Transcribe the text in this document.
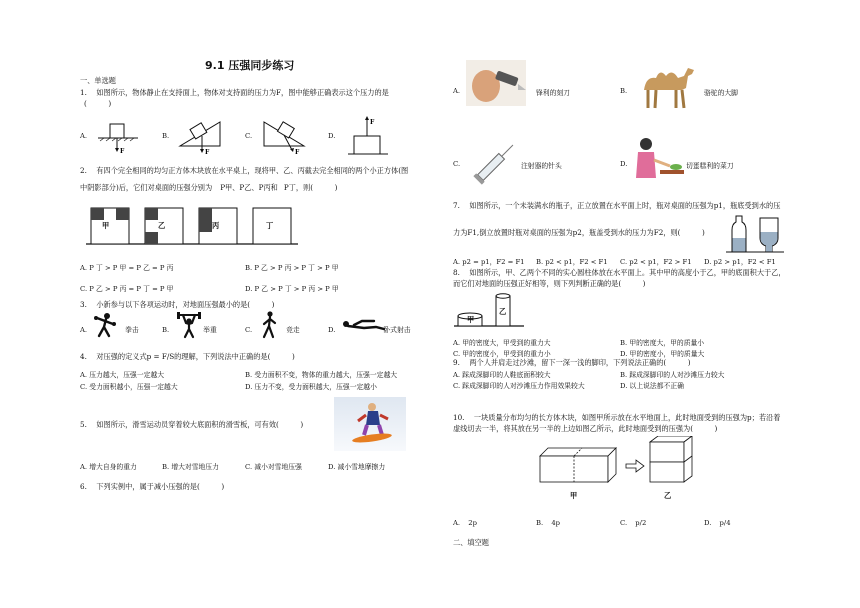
9.1 压强同步练习
一、单选题
1.　 如图所示，物体静止在支持面上，物体对支持面的压力为F，图中能够正确表示这个压力的是
(　　　)
A.
F
B.
F
C.
F
D.
F
2.　 有四个完全相同的均匀正方体木块放在水平桌上，现将甲、乙、丙截去完全相同的两个小正方体(图
中阴影部分)后，它们对桌面的压强分别为 P甲、P乙、P丙和 P丁，则(　　　)
甲	乙	丙	丁
A. P 丁 > P 甲 = P 乙 = P 丙	B. P 乙 > P 丙 > P 丁 > P 甲
C. P 乙 > P 丙 = P 丁 = P 甲	D. P 乙 > P 丁 > P 丙 > P 甲
3.　 小新参与以下各项运动时，对地面压强最小的是(　　　)
A.	拳击	B.	举重	C.	竞走	D.	卧式射击
4.　 对压强的定义式p = F/S的理解，下列说法中正确的是(　　　)
A. 压力越大，压强一定越大	B. 受力面积不变，物体的重力越大，压强一定越大
C. 受力面积越小，压强一定越大	D. 压力不变，受力面积越大，压强一定越小
5.　 如图所示，滑雪运动员穿着较大底面积的滑雪板，可有效(　　　)
A. 增大自身的重力	B. 增大对雪地压力	C. 减小对雪地压强	D. 减小雪地摩擦力
6.　 下列实例中，属于减小压强的是(　　　)
A.	锋利的刻刀	B.	骆驼的大脚
C.	注射器的针头	D.	切蛋糕利的菜刀
7.　 如图所示，一个未装满水的瓶子，正立放置在水平面上时，瓶对桌面的压强为p1，瓶底受到水的压
力为F1,倒立放置时瓶对桌面的压强为p2，瓶盖受到水的压力为F2，则(　　　)
A. p2 = p1，F2 = F1 B. p2 < p1，F2 < F1 C. p2 < p1，F2 > F1 D. p2 > p1，F2 < F1
8.　 如图所示，甲、乙两个不同的实心圆柱体放在水平面上。其中甲的高度小于乙，甲的底面积大于乙，
而它们对地面的压强正好相等，则下列判断正确的是(　　　)
甲
乙
A. 甲的密度大，甲受到的重力大	B. 甲的密度大，甲的质量小
C. 甲的密度小，甲受到的重力小	D. 甲的密度小，甲的质量大
9.　 两个人并肩走过沙滩，留下一深一浅的脚印，下列说法正确的(　　　)
A. 踩成深脚印的人鞋底面积较大	B. 踩成深脚印的人对沙滩压力较大
C. 踩成深脚印的人对沙滩压力作用效果较大	D. 以上说法都不正确
10.　 一块质量分布均匀的长方体木块，如图甲所示放在水平地面上，此时地面受到的压强为p；若沿着
虚线切去一半，将其放在另一半的上边如图乙所示，此时地面受到的压强为(　　　)
甲	乙
A. 2p	B. 4p	C. p/2	D. p/4
二、填空题
